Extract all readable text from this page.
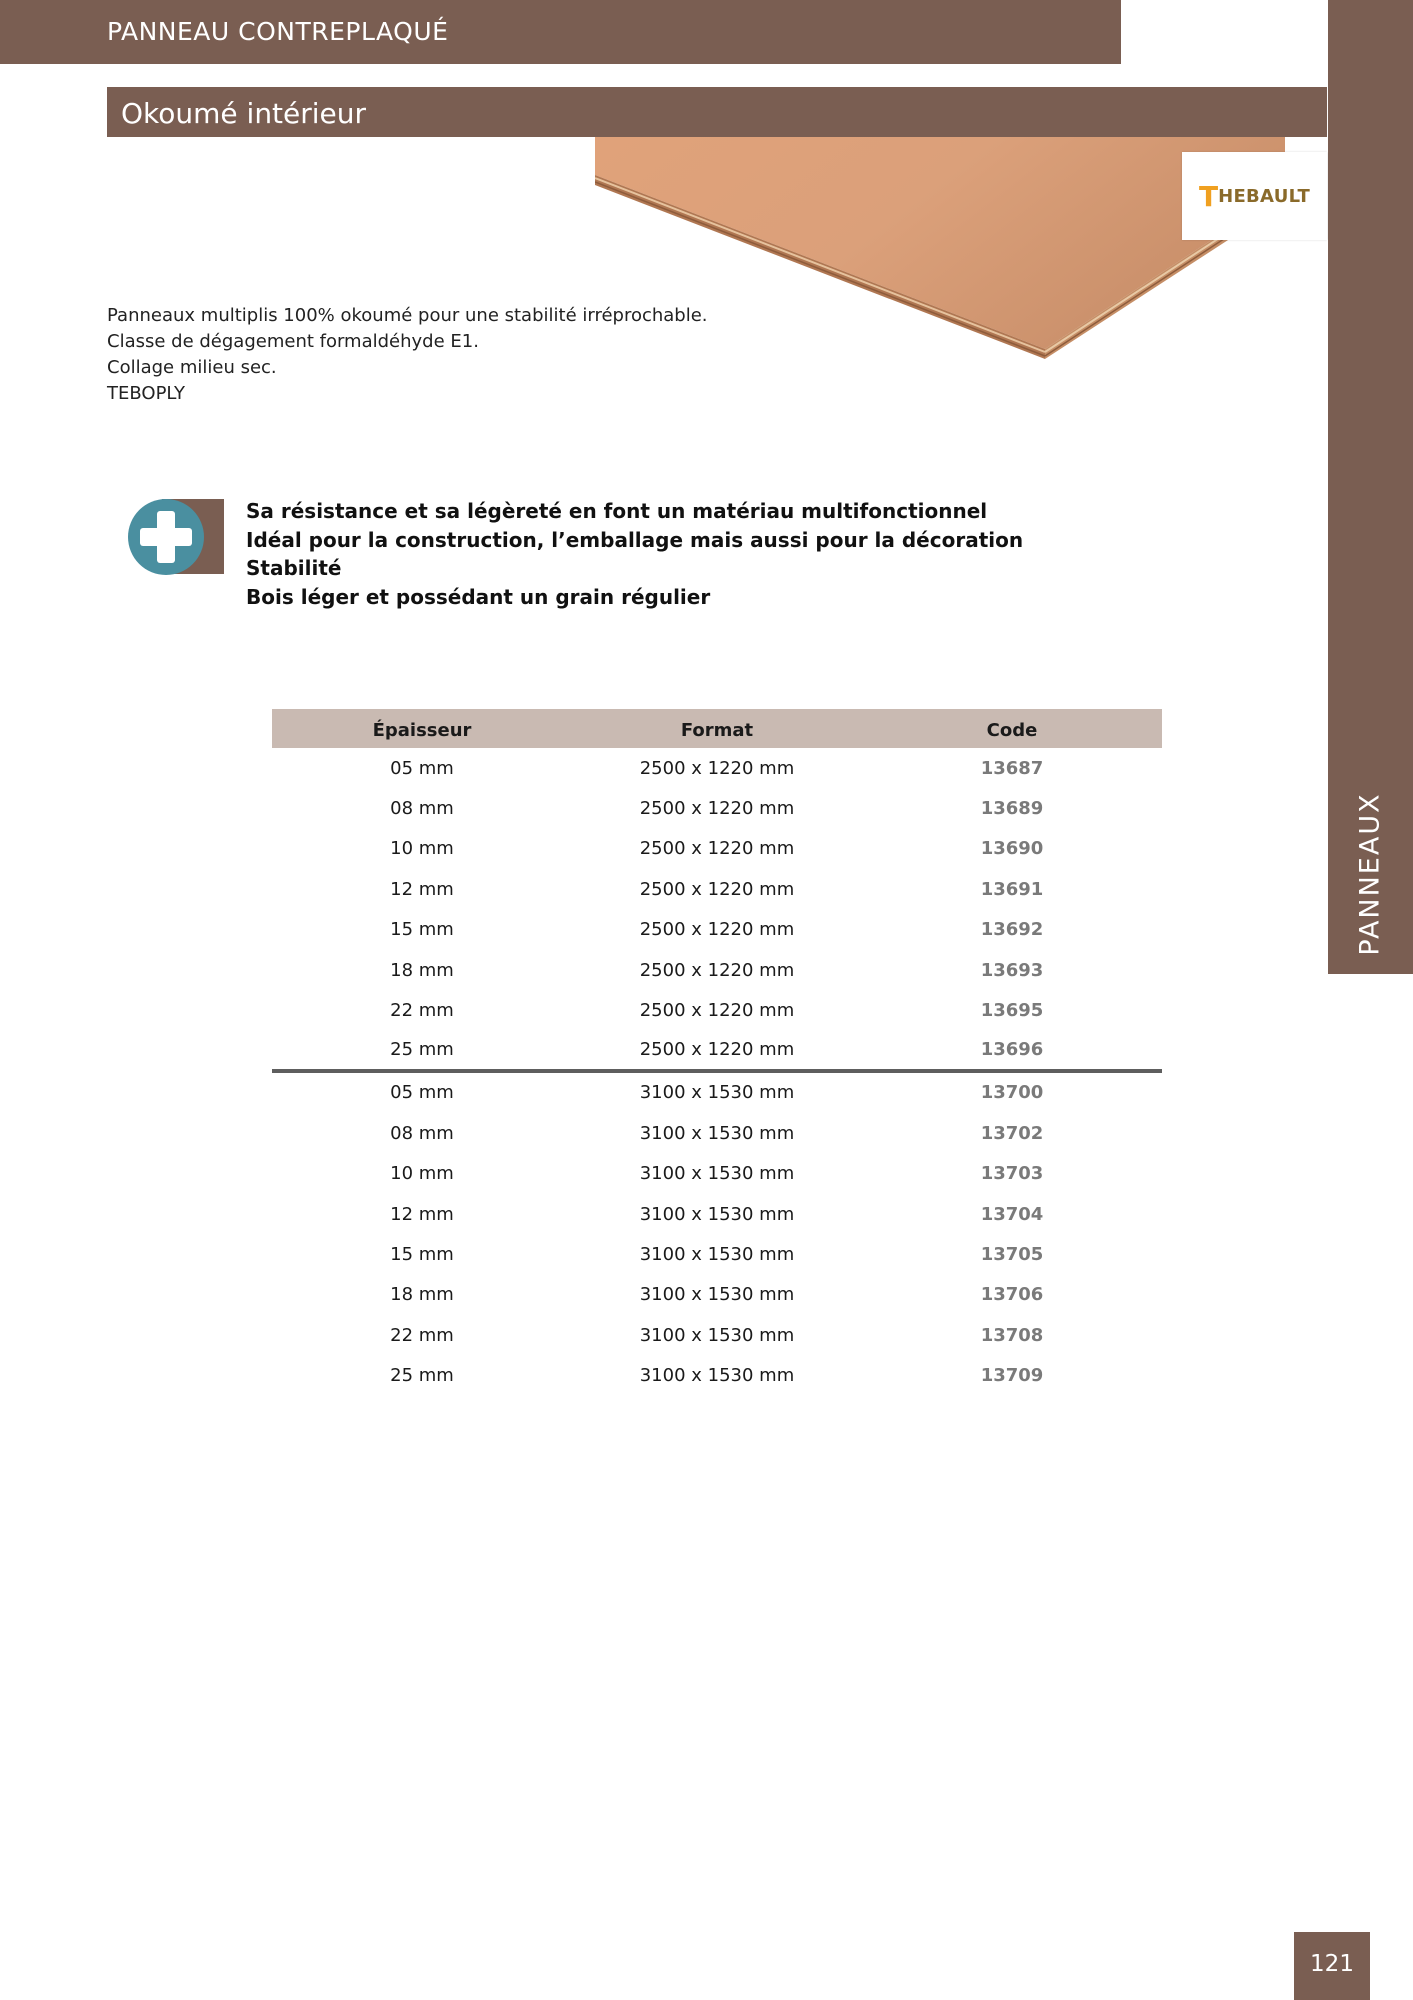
PANNEAU CONTREPLAQUÉ
PANNEAUX
Okoumé intérieur
T HEBAULT
Panneaux multiplis 100% okoumé pour une stabilité irréprochable.
Classe de dégagement formaldéhyde E1.
Collage milieu sec.
TEBOPLY
Sa résistance et sa légèreté en font un matériau multifonctionnel
Idéal pour la construction, l’emballage mais aussi pour la décoration
Stabilité
Bois léger et possédant un grain régulier
Épaisseur	Format	Code
05 mm	2500 x 1220 mm	13687
08 mm	2500 x 1220 mm	13689
10 mm	2500 x 1220 mm	13690
12 mm	2500 x 1220 mm	13691
15 mm	2500 x 1220 mm	13692
18 mm	2500 x 1220 mm	13693
22 mm	2500 x 1220 mm	13695
25 mm	2500 x 1220 mm	13696
05 mm	3100 x 1530 mm	13700
08 mm	3100 x 1530 mm	13702
10 mm	3100 x 1530 mm	13703
12 mm	3100 x 1530 mm	13704
15 mm	3100 x 1530 mm	13705
18 mm	3100 x 1530 mm	13706
22 mm	3100 x 1530 mm	13708
25 mm	3100 x 1530 mm	13709
121
